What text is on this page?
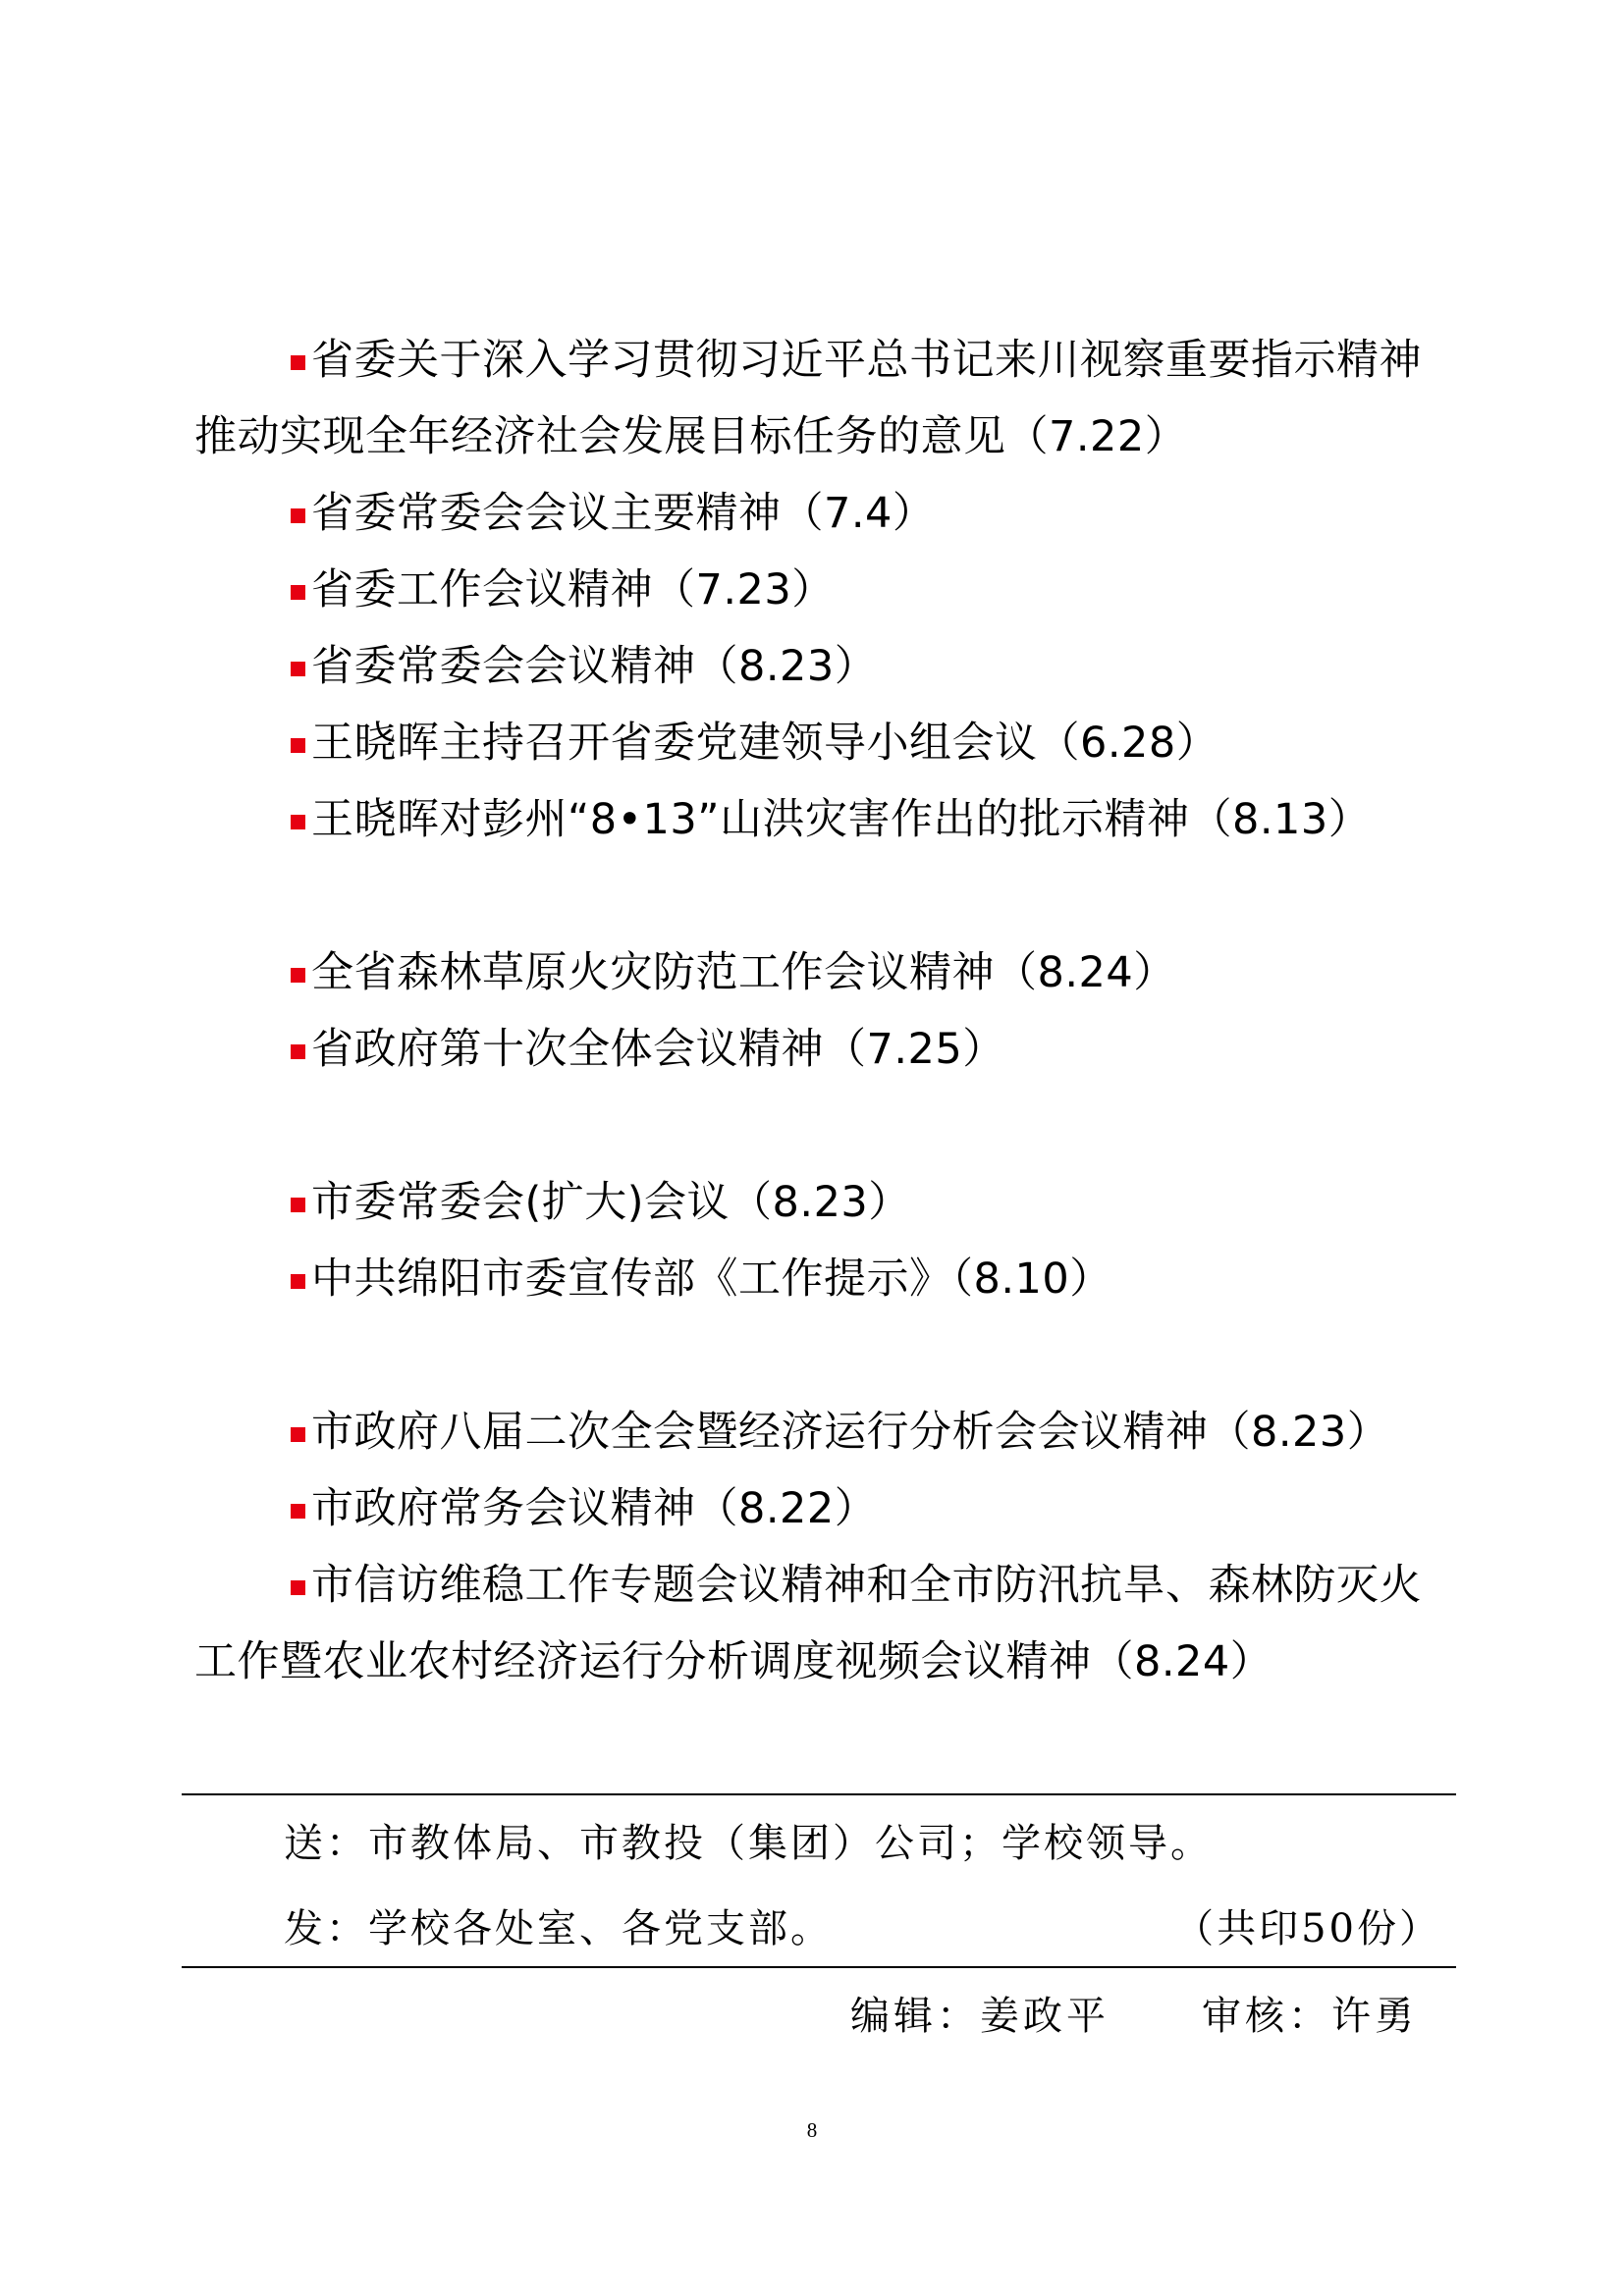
省委关于深入学习贯彻习近平总书记来川视察重要指示精神推动实现全年经济社会发展目标任务的意见（7.22）

省委常委会会议主要精神（7.4）

省委工作会议精神（7.23）

省委常委会会议精神（8.23）

王晓晖主持召开省委党建领导小组会议（6.28）

王晓晖对彭州“8•13”山洪灾害作出的批示精神（8.13）

全省森林草原火灾防范工作会议精神（8.24）

省政府第十次全体会议精神（7.25）

市委常委会(扩大)会议（8.23）

中共绵阳市委宣传部《工作提示》（8.10）

市政府八届二次全会暨经济运行分析会会议精神（8.23）

市政府常务会议精神（8.22）

市信访维稳工作专题会议精神和全市防汛抗旱、森林防灭火工作暨农业农村经济运行分析调度视频会议精神（8.24）

送：市教体局、市教投（集团）公司；学校领导。
发：学校各处室、各党支部。	（共印50份）
编辑：姜政平 审核：许勇
8
